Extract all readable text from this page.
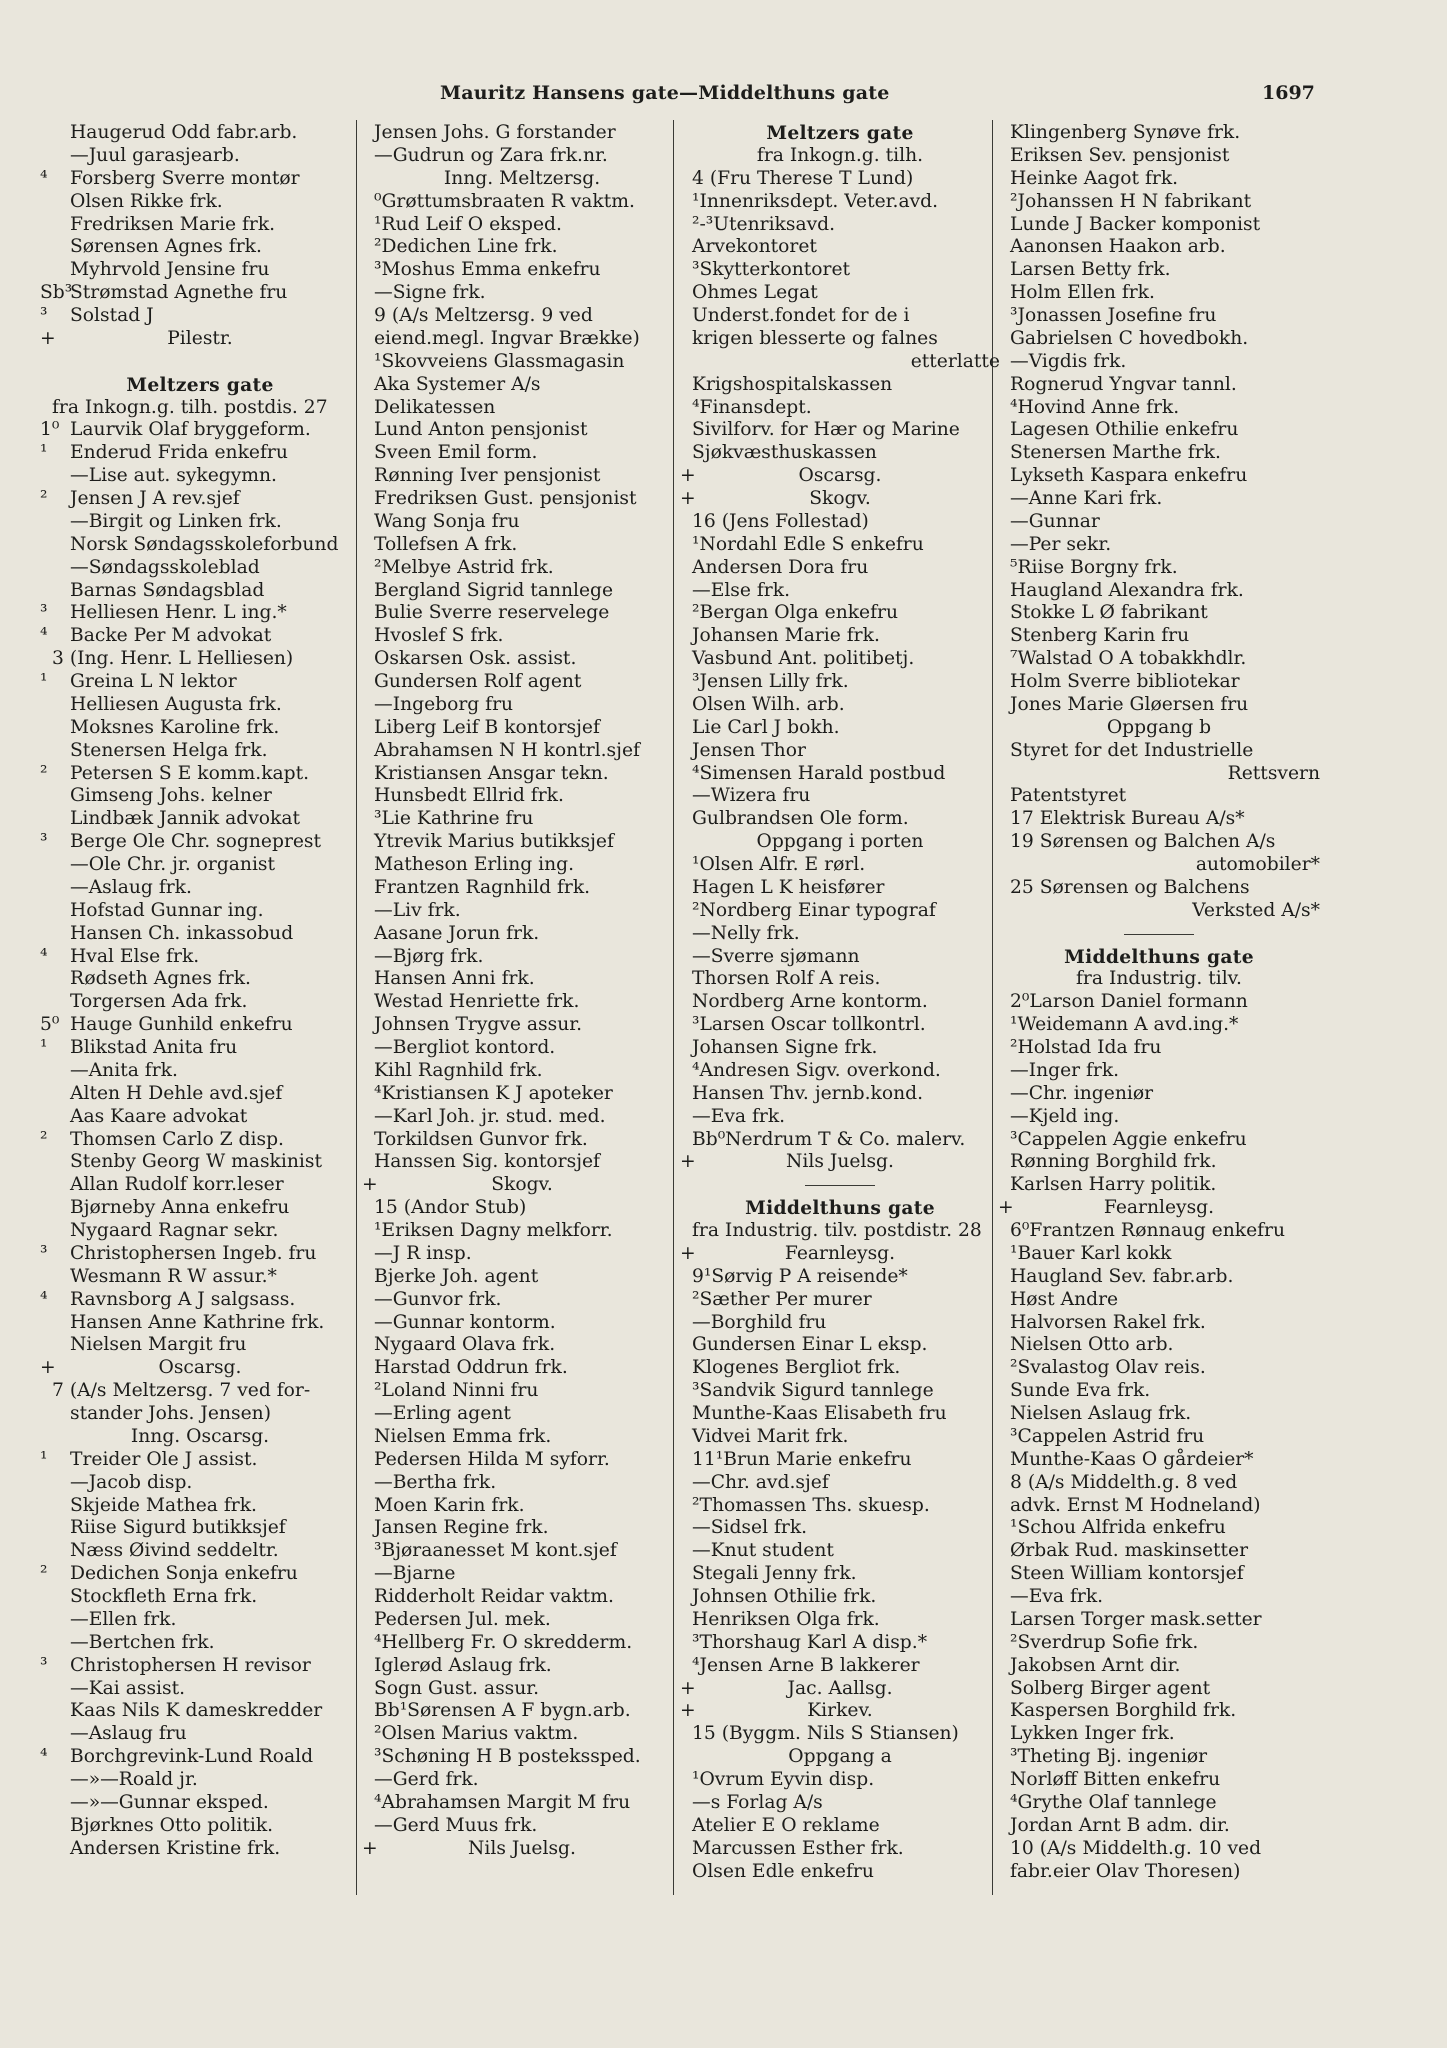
Mauritz Hansens gate—Middelthuns gate	1697
Haugerud Odd fabr.arb.
—Juul garasjearb.
⁴ Forsberg Sverre montør
Olsen Rikke frk.
Fredriksen Marie frk.
Sørensen Agnes frk.
Myhrvold Jensine fru
Sb³
Strømstad Agnethe fru
³ Solstad J
+	Pilestr.
Meltzers gate
fra Inkogn.g. tilh. postdis. 27
1⁰ Laurvik Olaf bryggeform.
¹ Enderud Frida enkefru
—Lise aut. sykegymn.
² Jensen J A rev.sjef
—Birgit og Linken frk.
Norsk Søndagsskoleforbund
—Søndagsskoleblad
Barnas Søndagsblad
³ Helliesen Henr. L ing.*
⁴ Backe Per M advokat
3 (Ing. Henr. L Helliesen)
¹ Greina L N lektor
Helliesen Augusta frk.
Moksnes Karoline frk.
Stenersen Helga frk.
² Petersen S E komm.kapt.
Gimseng Johs. kelner
Lindbæk Jannik advokat
³ Berge Ole Chr. sogneprest
—Ole Chr. jr. organist
—Aslaug frk.
Hofstad Gunnar ing.
Hansen Ch. inkassobud
⁴ Hval Else frk.
Rødseth Agnes frk.
Torgersen Ada frk.
5⁰ Hauge Gunhild enkefru
¹ Blikstad Anita fru
—Anita frk.
Alten H Dehle avd.sjef
Aas Kaare advokat
² Thomsen Carlo Z disp.
Stenby Georg W maskinist
Allan Rudolf korr.leser
Bjørneby Anna enkefru
Nygaard Ragnar sekr.
³ Christophersen Ingeb. fru
Wesmann R W assur.*
⁴ Ravnsborg A J salgsass.
Hansen Anne Kathrine frk.
Nielsen Margit fru
+	Oscarsg.
7 (A/s Meltzersg. 7 ved for-
stander Johs. Jensen)
Inng. Oscarsg.
¹ Treider Ole J assist.
—Jacob disp.
Skjeide Mathea frk.
Riise Sigurd butikksjef
Næss Øivind seddeltr.
² Dedichen Sonja enkefru
Stockfleth Erna frk.
—Ellen frk.
—Bertchen frk.
³ Christophersen H revisor
—Kai assist.
Kaas Nils K dameskredder
—Aslaug fru
⁴ Borchgrevink-Lund Roald
—»—Roald jr.
—»—Gunnar eksped.
Bjørknes Otto politik.
Andersen Kristine frk.
Jensen Johs. G forstander
—Gudrun og Zara frk.nr.
Inng. Meltzersg.
⁰Grøttumsbraaten R vaktm.
¹Rud Leif O eksped.
²Dedichen Line frk.
³Moshus Emma enkefru
—Signe frk.
9 (A/s Meltzersg. 9 ved
eiend.megl. Ingvar Brække)
¹Skovveiens Glassmagasin
Aka Systemer A/s
Delikatessen
Lund Anton pensjonist
Sveen Emil form.
Rønning Iver pensjonist
Fredriksen Gust. pensjonist
Wang Sonja fru
Tollefsen A frk.
²Melbye Astrid frk.
Bergland Sigrid tannlege
Bulie Sverre reservelege
Hvoslef S frk.
Oskarsen Osk. assist.
Gundersen Rolf agent
—Ingeborg fru
Liberg Leif B kontorsjef
Abrahamsen N H kontrl.sjef
Kristiansen Ansgar tekn.
Hunsbedt Ellrid frk.
³Lie Kathrine fru
Ytrevik Marius butikksjef
Matheson Erling ing.
Frantzen Ragnhild frk.
—Liv frk.
Aasane Jorun frk.
—Bjørg frk.
Hansen Anni frk.
Westad Henriette frk.
Johnsen Trygve assur.
—Bergliot kontord.
Kihl Ragnhild frk.
⁴Kristiansen K J apoteker
—Karl Joh. jr. stud. med.
Torkildsen Gunvor frk.
Hanssen Sig. kontorsjef
+	Skogv.
15 (Andor Stub)
¹Eriksen Dagny melkforr.
—J R insp.
Bjerke Joh. agent
—Gunvor frk.
—Gunnar kontorm.
Nygaard Olava frk.
Harstad Oddrun frk.
²Loland Ninni fru
—Erling agent
Nielsen Emma frk.
Pedersen Hilda M syforr.
—Bertha frk.
Moen Karin frk.
Jansen Regine frk.
³Bjøraanesset M kont.sjef
—Bjarne
Ridderholt Reidar vaktm.
Pedersen Jul. mek.
⁴Hellberg Fr. O skredderm.
Iglerød Aslaug frk.
Sogn Gust. assur.
Bb¹Sørensen A F bygn.arb.
²Olsen Marius vaktm.
³Schøning H B postekssped.
—Gerd frk.
⁴Abrahamsen Margit M fru
—Gerd Muus frk.
+	Nils Juelsg.
Meltzers gate
fra Inkogn.g. tilh.
4 (Fru Therese T Lund)
¹Innenriksdept. Veter.avd.
²-³Utenriksavd.
Arvekontoret
³Skytterkontoret
Ohmes Legat
Underst.fondet for de i
krigen blesserte og falnes
etterlatte
Krigshospitalskassen
⁴Finansdept.
Sivilforv. for Hær og Marine
Sjøkvæsthuskassen
+	Oscarsg.
+	Skogv.
16 (Jens Follestad)
¹Nordahl Edle S enkefru
Andersen Dora fru
—Else frk.
²Bergan Olga enkefru
Johansen Marie frk.
Vasbund Ant. politibetj.
³Jensen Lilly frk.
Olsen Wilh. arb.
Lie Carl J bokh.
Jensen Thor
⁴Simensen Harald postbud
—Wizera fru
Gulbrandsen Ole form.
Oppgang i porten
¹Olsen Alfr. E rørl.
Hagen L K heisfører
²Nordberg Einar typograf
—Nelly frk.
—Sverre sjømann
Thorsen Rolf A reis.
Nordberg Arne kontorm.
³Larsen Oscar tollkontrl.
Johansen Signe frk.
⁴Andresen Sigv. overkond.
Hansen Thv. jernb.kond.
—Eva frk.
Bb⁰Nerdrum T & Co. malerv.
+	Nils Juelsg.
Middelthuns gate
fra Industrig. tilv. postdistr. 28
+	Fearnleysg.
9¹Sørvig P A reisende*
²Sæther Per murer
—Borghild fru
Gundersen Einar L eksp.
Klogenes Bergliot frk.
³Sandvik Sigurd tannlege
Munthe-Kaas Elisabeth fru
Vidvei Marit frk.
11¹Brun Marie enkefru
—Chr. avd.sjef
²Thomassen Ths. skuesp.
—Sidsel frk.
—Knut student
Stegali Jenny frk.
Johnsen Othilie frk.
Henriksen Olga frk.
³Thorshaug Karl A disp.*
⁴Jensen Arne B lakkerer
+	Jac. Aallsg.
+	Kirkev.
15 (Byggm. Nils S Stiansen)
Oppgang a
¹Ovrum Eyvin disp.
—s Forlag A/s
Atelier E O reklame
Marcussen Esther frk.
Olsen Edle enkefru
Klingenberg Synøve frk.
Eriksen Sev. pensjonist
Heinke Aagot frk.
²Johanssen H N fabrikant
Lunde J Backer komponist
Aanonsen Haakon arb.
Larsen Betty frk.
Holm Ellen frk.
³Jonassen Josefine fru
Gabrielsen C hovedbokh.
—Vigdis frk.
Rognerud Yngvar tannl.
⁴Hovind Anne frk.
Lagesen Othilie enkefru
Stenersen Marthe frk.
Lykseth Kaspara enkefru
—Anne Kari frk.
—Gunnar
—Per sekr.
⁵Riise Borgny frk.
Haugland Alexandra frk.
Stokke L Ø fabrikant
Stenberg Karin fru
⁷Walstad O A tobakkhdlr.
Holm Sverre bibliotekar
Jones Marie Gløersen fru
Oppgang b
Styret for det Industrielle
Rettsvern
Patentstyret
17 Elektrisk Bureau A/s*
19 Sørensen og Balchen A/s
automobiler*
25 Sørensen og Balchens
Verksted A/s*
Middelthuns gate
fra Industrig. tilv.
2⁰Larson Daniel formann
¹Weidemann A avd.ing.*
²Holstad Ida fru
—Inger frk.
—Chr. ingeniør
—Kjeld ing.
³Cappelen Aggie enkefru
Rønning Borghild frk.
Karlsen Harry politik.
+	Fearnleysg.
6⁰Frantzen Rønnaug enkefru
¹Bauer Karl kokk
Haugland Sev. fabr.arb.
Høst Andre
Halvorsen Rakel frk.
Nielsen Otto arb.
²Svalastog Olav reis.
Sunde Eva frk.
Nielsen Aslaug frk.
³Cappelen Astrid fru
Munthe-Kaas O gårdeier*
8 (A/s Middelth.g. 8 ved
advk. Ernst M Hodneland)
¹Schou Alfrida enkefru
Ørbak Rud. maskinsetter
Steen William kontorsjef
—Eva frk.
Larsen Torger mask.setter
²Sverdrup Sofie frk.
Jakobsen Arnt dir.
Solberg Birger agent
Kaspersen Borghild frk.
Lykken Inger frk.
³Theting Bj. ingeniør
Norløff Bitten enkefru
⁴Grythe Olaf tannlege
Jordan Arnt B adm. dir.
10 (A/s Middelth.g. 10 ved
fabr.eier Olav Thoresen)
